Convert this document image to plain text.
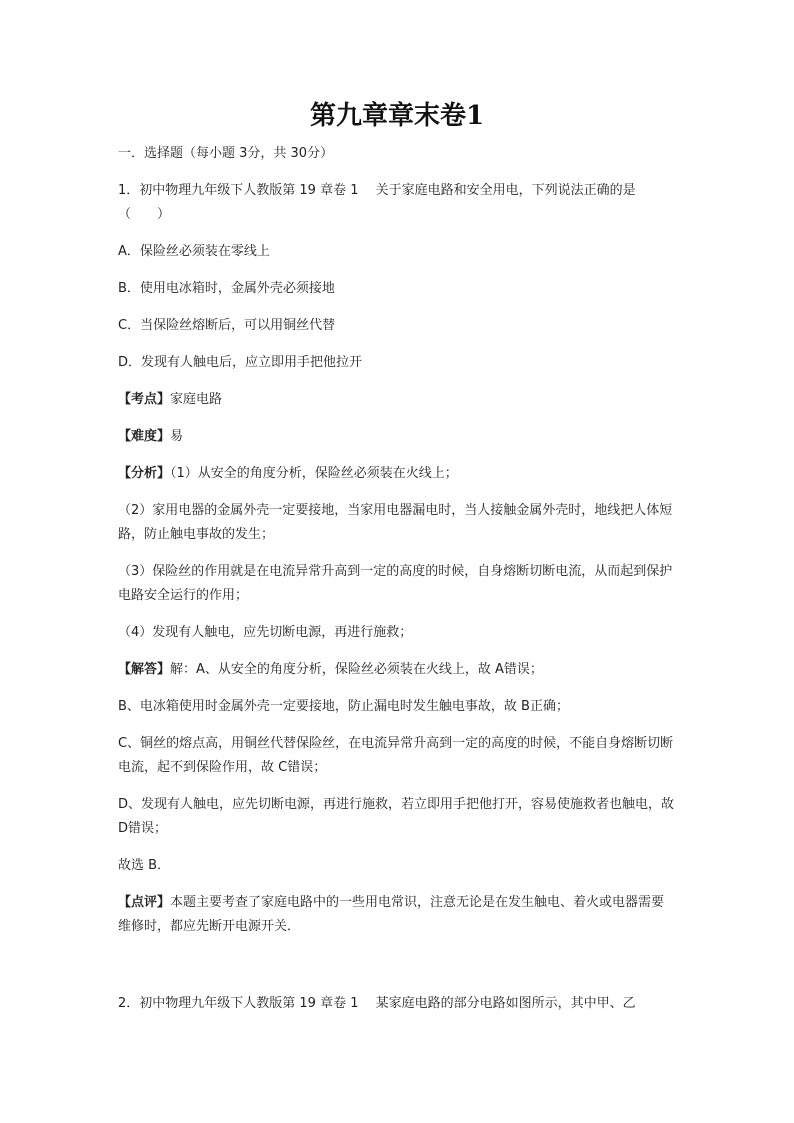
第九章章末卷1
一．选择题（每小题 3分，共 30分）
1．初中物理九年级下人教版第 19 章卷 1　 关于家庭电路和安全用电，下列说法正确的是（　　）
A．保险丝必须装在零线上
B．使用电冰箱时，金属外壳必须接地
C．当保险丝熔断后，可以用铜丝代替
D．发现有人触电后，应立即用手把他拉开
【考点】家庭电路
【难度】易
【分析】（1）从安全的角度分析，保险丝必须装在火线上；
（2）家用电器的金属外壳一定要接地，当家用电器漏电时，当人接触金属外壳时，地线把人体短路，防止触电事故的发生；
（3）保险丝的作用就是在电流异常升高到一定的高度的时候，自身熔断切断电流，从而起到保护电路安全运行的作用；
（4）发现有人触电，应先切断电源，再进行施救；
【解答】解：A、从安全的角度分析，保险丝必须装在火线上，故 A错误；
B、电冰箱使用时金属外壳一定要接地，防止漏电时发生触电事故，故 B正确；
C、铜丝的熔点高，用铜丝代替保险丝，在电流异常升高到一定的高度的时候，不能自身熔断切断电流，起不到保险作用，故 C错误；
D、发现有人触电，应先切断电源，再进行施救，若立即用手把他打开，容易使施救者也触电，故 D错误；
故选 B．
【点评】本题主要考查了家庭电路中的一些用电常识，注意无论是在发生触电、着火或电器需要维修时，都应先断开电源开关．
2．初中物理九年级下人教版第 19 章卷 1　 某家庭电路的部分电路如图所示，其中甲、乙
